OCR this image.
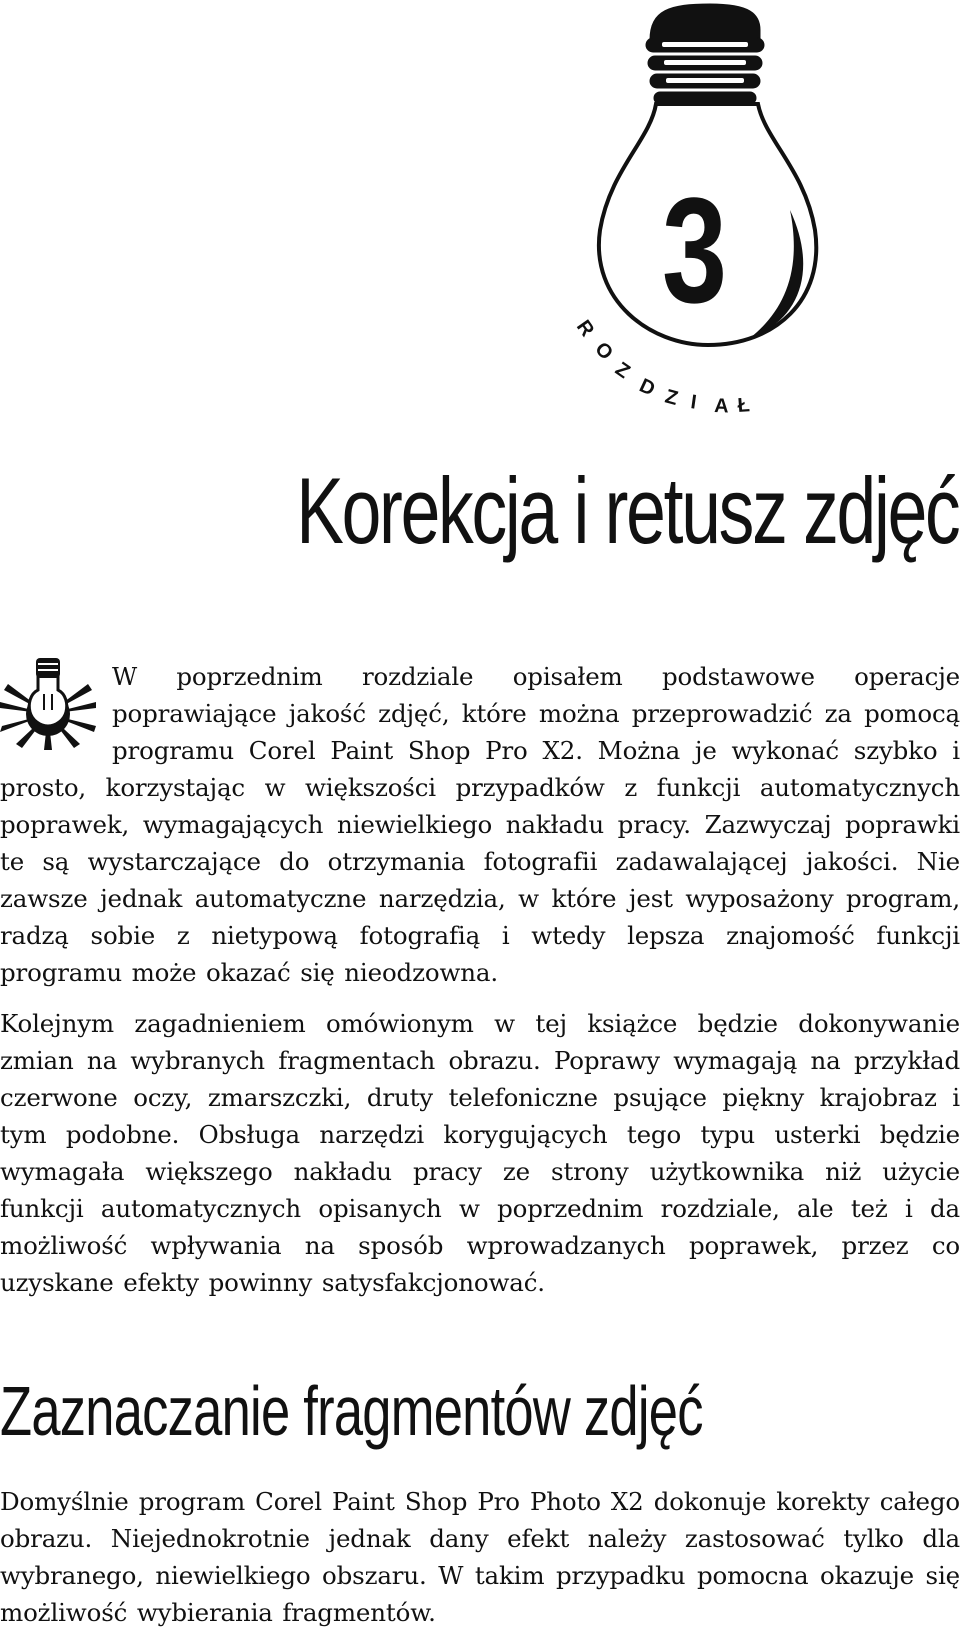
3
R
O
Z
D Z I A Ł
Korekcja i retusz zdjęć

W poprzednim rozdziale opisałem podstawowe operacje poprawiające jakość zdjęć, które można przeprowadzić za pomocą programu Corel Paint Shop Pro X2. Można je wykonać szybko i prosto, korzystając w większości przypadków z funkcji automatycznych poprawek, wymagających niewielkiego nakładu pracy. Zazwyczaj poprawki te są wystarczające do otrzymania fotografii zadawalającej jakości. Nie zawsze jednak automatyczne narzędzia, w które jest wyposażony program, radzą sobie z nietypową fotografią i wtedy lepsza znajomość funkcji programu może okazać się nieodzowna.

Kolejnym zagadnieniem omówionym w tej książce będzie dokonywanie zmian na wybranych fragmentach obrazu. Poprawy wymagają na przykład czerwone oczy, zmarszczki, druty telefoniczne psujące piękny krajobraz i tym podobne. Obsługa narzędzi korygujących tego typu usterki będzie wymagała większego nakładu pracy ze strony użytkownika niż użycie funkcji automatycznych opisanych w poprzednim rozdziale, ale też i da możliwość wpływania na sposób wprowadzanych poprawek, przez co uzyskane efekty powinny satysfakcjonować.

Zaznaczanie fragmentów zdjęć

Domyślnie program Corel Paint Shop Pro Photo X2 dokonuje korekty całego obrazu. Niejednokrotnie jednak dany efekt należy zastosować tylko dla wybranego, niewielkiego obszaru. W takim przypadku pomocna okazuje się możliwość wybierania fragmentów.
